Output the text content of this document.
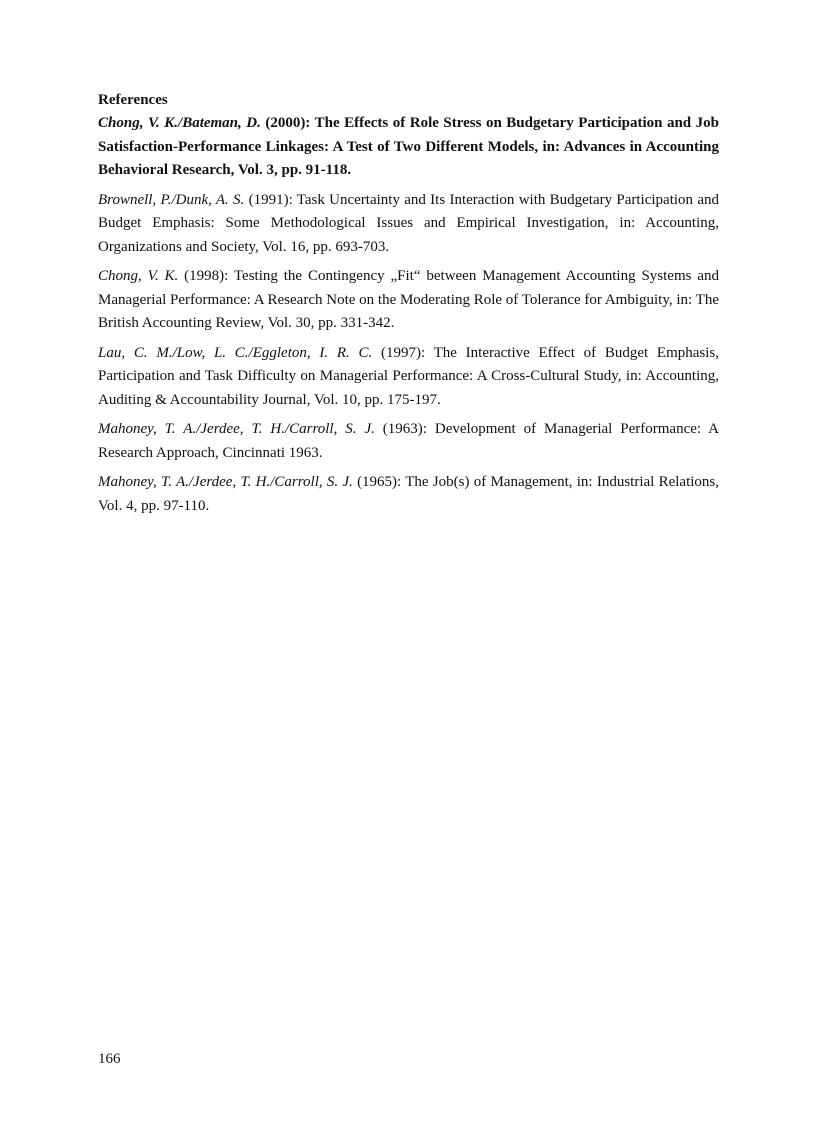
References

Chong, V. K./Bateman, D. (2000): The Effects of Role Stress on Budgetary Participation and Job Satisfaction-Performance Linkages: A Test of Two Different Models, in: Advances in Accounting Behavioral Research, Vol. 3, pp. 91-118.

Brownell, P./Dunk, A. S. (1991): Task Uncertainty and Its Interaction with Budgetary Participation and Budget Emphasis: Some Methodological Issues and Empirical Investigation, in: Accounting, Organizations and Society, Vol. 16, pp. 693-703.

Chong, V. K. (1998): Testing the Contingency „Fit“ between Management Accounting Systems and Managerial Performance: A Research Note on the Moderating Role of Tolerance for Ambiguity, in: The British Accounting Review, Vol. 30, pp. 331-342.

Lau, C. M./Low, L. C./Eggleton, I. R. C. (1997): The Interactive Effect of Budget Emphasis, Participation and Task Difficulty on Managerial Performance: A Cross-Cultural Study, in: Accounting, Auditing & Accountability Journal, Vol. 10, pp. 175-197.

Mahoney, T. A./Jerdee, T. H./Carroll, S. J. (1963): Development of Managerial Performance: A Research Approach, Cincinnati 1963.

Mahoney, T. A./Jerdee, T. H./Carroll, S. J. (1965): The Job(s) of Management, in: Industrial Relations, Vol. 4, pp. 97-110.

166
